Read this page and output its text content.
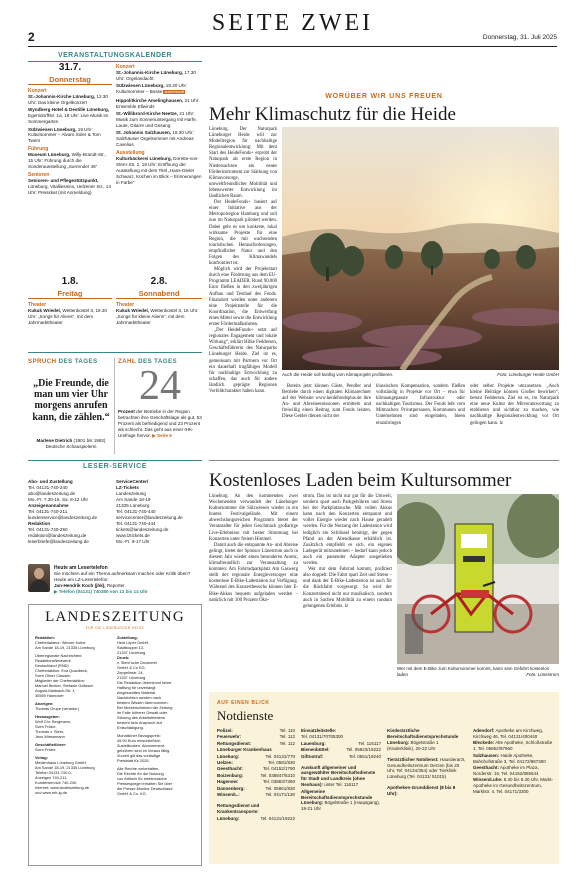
SEITE ZWEI
2	Donnerstag, 31. Juli 2025
VERANSTALTUNGSKALENDER
31.7.
Donnerstag
Konzert
St.-Johannis-Kirche Lüneburg, 12.30 Uhr: Das kleine Orgelkonzert
Wyndberg Hotel & Destille Lüneburg, Egersdorffstr. 1a, 18 Uhr: Live Musik im Sommergarten
Sülzwiesen Lüneburg, 19 Uhr: Kultursommer – Alvaro Soler & Tom Twers
Führung
Museum Lüneburg, Willy-Brandt-Str., 15 Uhr: Führung durch die Sonderausstellung „Surrender 45“
Senioren
Senioren- und Pflegestützpunkt, Lüneburg, Vitalliessino, Uelzener Str., 14 Uhr: Preisskat (mit Anmeldung)
Konzert
St.-Johannis-Kirche Lüneburg, 17.30 Uhr: Orgelandacht
Sülzwiesen Lüneburg, 19.30 Uhr: Kultursommer – Bosse ausverkauft
Hippolitkirche Amelinghausen, 21 Uhr: Ensemble Ellwinds
St.-Willibrord-Kirche Neetze, 21 Uhr: Musik zum Sonnenuntergang mit Harfe, Laute, Gitarre und Gesang
St. Johannis Salzhausen, 18.30 Uhr: Salzhäuser Orgelsommer mit Andreas Cavelius
Ausstellung
Kulturbäckerei Lüneburg, Dorette-von-Stern-Str. 2, 18 Uhr: Eröffnung der Ausstellung mit dem Titel „Hans-Dieter Schwarz, Küchen im Blick – Erinnerungen in Farbe“
1.8.
Freitag
Theater
Kukuk Wriedel, Wettenbostel 3, 19.30 Uhr: „Songs für Aliens“, mit dem Jahrmarkttheater
2.8.
Sonnabend
Theater
Kukuk Wriedel, Wettenbostel 3, 15 Uhr: „Songs für kleine Aliens“, mit dem Jahrmarkttheater
SPRUCH DES TAGES
„Die Freunde, die man um vier Uhr morgens anrufen kann, die zählen.“
Marlene Dietrich (1901 bis 1992) Deutsche Schauspielerin
ZAHL DES TAGES
24
Prozent der Betriebe in der Region betrachten ihre Geschäftslage als gut, 53 Prozent als befriedigend und 23 Prozent als schlecht. Das geht aus einer IHK-Umfrage hervor. ▶ Seite 6
LESER-SERVICE
Abo- und Zustellung
Tel. 04131-740-240
abo@landeszeitung.de
Mo.-Fr. 7.30-15, Sa. 8-12 Uhr
Anzeigenannahme
Tel. 04131-740-211
kundenservice@landeszeitung.de
Redaktion
Tel. 04131-740-250
redaktion@landeszeitung.de
leserbriefe@landeszeitung.de
ServiceCenter/
LZ-Tickets
Landeszeitung
Am Sande 18-19
21335 Lüneburg
Tel. 04131-740-440
servicecenter@landeszeitung.de
Tel. 04131-740-444
tickets@landeszeitung.de
www.lztickets.de
Mo.-Fr. 9-17 Uhr
Heute am Lesertelefon
Sie möchten auf ein Thema aufmerksam machen oder Kritik üben? Heute am LZ-Lesertelefon:
Jan-Hendrik Koch (jhk), Reporter.
▶ Telefon (04131) 740380 von 13 bis 14 Uhr
LANDESZEITUNG
FÜR DIE LÜNEBURGER HEIDE
Redaktion:
Chefredakteur: Werner Kolbe
Am Sande 18-19, 21335 Lüneburg
Überregionale Nachrichten:
RedaktionsNetzwerk
Deutschland (RND)
Chefredaktion: Eva Quadbeck,
Sven Oliver Clausen
Mitglieder der Chefredaktion:
Manuel Becker, Stefanie Gollasch
August-Madsack-Str. 1,
30559 Hannover
Anzeigen:
Thomas Grupe (verantw.)
Herausgeber:
Wolf Chr. Bergmann,
Sven Fricke,
Thomas v. Stern,
Jens Wiesemann
Geschäftsführer:
Sven Fricke
Verlag:
Medienhaus Lüneburg GmbH,
Am Sande 18-19, 21335 Lüneburg
Telefon 04131-740-0,
Anzeigen 740-211,
Kundenservice 740-240,
Internet: www.landeszeitung.de
und www.mh-lg.de
Zustellung:
Heid Löper GmbH,
Stadtkoppel 13,
21337 Lüneburg
Druck:
v. Stern'sche Druckerei
GmbH & Co KG,
Zeppelinstr. 24,
21337 Lüneburg
Die Redaktion übernimmt keine
Haftung für unverlangt
eingesandtes Material.
Nachrichten werden nach
bestem Wissen übernommen.
Bei Nichterscheinen der Zeitung
im Falle höherer Gewalt oder
Störung des Arbeitsfriedens
besteht kein Anspruch auf
Entschädigung.
Monatlicher Bezugspreis:
49,90 Euro einschließlich
Zustellkosten. Abonnement-
gebühren sind im Voraus fällig.
Zurzeit gilt das vorläufige
Preisblatt für 2025.
Alle Rechte vorbehalten.
Die Rechte für die Nutzung
von Artikeln für elektronische
Pressespiegel erhalten Sie über
die Presse-Monitor Deutschland
GmbH & Co. KG.
WORÜBER WIR UNS FREUEN
Mehr Klimaschutz für die Heide

Lüneburg. Der Naturpark Lüneburger Heide will zur Modellregion für nachhaltige Regionalentwicklung: Mit dem Start des HeideFonds+ erprobt der Naturpark als erste Region in Niedersachsen ein neues Förderinstrument zur Stärkung von Klimavorsorge, umweltfreundlicher Mobilität und lebenswerter Entwicklung im ländlichen Raum.

Der HeideFonds+ basiert auf einer Initiative aus der Metropolregion Hamburg und soll nun im Naturpark pilotiert werden. Dabei geht es um konkrete, lokal wirksame Projekte für eine Region, die mit wachsenden touristischen Herausforderungen, empfindlicher Natur und den Folgen des Klimawandels konfrontiert ist.

Möglich wird der Projektstart durch eine Förderung aus dem EU-Programm LEADER. Rund 90.000 Euro fließen in den zweijährigen Aufbau und Testlauf des Fonds. Finanziert werden unter anderem eine Projektstelle für die Koordination, die Entwerfung eines Mittel sowie die Entwicklung erster Fördermaßnahmen.

„Der HeideFonds+ setzt auf regionales Engagement und lokale Wirkung“, erklärt Hilke Feddersen, Geschäftsführerin des Naturparks Lüneburger Heide. Ziel ist es, gemeinsam mit Partnern vor Ort ein dauerhaft tragfähiges Modell für nachhaltige Entwicklung zu schaffen, das auch für andere ländlich geprägte Regionen Vorbildcharakter haben kann.

Auch die Heide soll künftig vom Klimaprojekt profitieren.	Foto: Lüneburger Heide GmbH

Bereits jetzt können Gäste, Pendler und Betriebe durch einen digitalen Klimarechner auf der Website www.heidefondsplus.de ihre An- und Abreiseemissionen ermitteln und freiwillig einen Beitrag zum Fonds leisten. Diese Gelder dienen nicht der

klassischen Kompensation, sondern fließen vollständig in Projekte vor Ort – etwa für klimaangepasste Infrastruktur oder nachhaltigen Tourismus. Der Fonds lebt vom Mitmachen: Privatpersonen, Kommunen und Unternehmen sind eingeladen, Ideen einzubringen

oder selbst Projekte umzusetzen. „Auch kleine Beiträge können Großes bewirken“, betont Feddersen. Ziel ist es, im Naturpark eine neue Kultur der Mitverantwortung zu etablieren und sichtbar zu machen, wie nachhaltige Regionalentwicklung vor Ort gelingen kann. lz

Kostenloses Laden beim Kultursommer

Lüneburg. An den kommenden zwei Wochenenden verwandelt der Lüneburger Kultursommer die Sülzwiesen wieder in ein buntes Festivalgelände. Mit einem abwechslungsreichen Programm bietet der Veranstalter für jeden Geschmack großartige Live-Erlebnisse mit bester Stimmung bei Konzerten unter freiem Himmel.

Damit auch die entspannte An- und Abreise gelingt, bietet der Sponsor Lünestrom auch in diesem Jahr wieder einen besonderen Anreiz, klimafreundlich zur Veranstaltung zu kommen: Am Fahrradparkplatz Am Gaswerg stellt der regionale Energieversorger eine kostenlose E-Bike-Ladestation zur Verfügung. Während des Konzertbesuchs können hier E-Bike-Akkus bequem aufgeladen werden – natürlich mit 100 Prozent Öko-

strom. Das ist nicht nur gut für die Umwelt, sondern spart auch Parkgebühren und Stress bei der Parkplatzsuche. Mit vollen Akkus kann nach den Konzerten entspannt und voller Energie wieder nach Hause geradelt werden. Für die Nutzung der Ladestation wird lediglich ein Schlüssel benötigt, der gegen Pfand an der Abendkasse erhältlich ist. Zusätzlich empfiehlt es sich, ein eigenes Ladegerät mitzunehmen – bedarf kann jedoch auch ein passender Adapter ausgeliehen werden.

Wer mit dem Fahrrad kommt, profitiert also doppelt: Die Fahrt spart Zeit und Stress – und dank der E-Bike-Ladestation ist auch für die Rückfahrt vorgesorgt. So wird der Konzertabend nicht nur musikalisch, sondern auch in Sachen Mobilität zu einem rundum gelungenen Erlebnis. lz

Wer mit dem E-Bike zum Kultursommer kommt, kann sein Geführt kostenlos laden	Foto: Lünestrom
AUF EINEN BLICK
Notdienste
Polizei:	Tel. 110
Feuerwehr:	Tel. 112
Rettungsdienst:	Tel. 112
Lüneburger Krankenhaus
Lüneburg:	Tel. 04131/770
Uelzen:	Tel. 0581/830
Geesthacht:	Tel. 04152/1790
Boizenburg:	Tel. 038847/6310
Hagenow:	Tel. 03883/7360
Dannenberg:	Tel. 05861/830
Winsen/L.:	Tel. 04171/130
Rettungsdienst und
Krankentransporte:
Lüneburg:	Tel. 04131/19222
Einsatzleitstelle:
Tel. 04131/70705300
Lauenburg:	Tel. 116117
Bienenbüttel:	Tel. 05823/19222
Giftnotruf:	Tel. 0551/19240
Auskunft allgemeiner und ausgewählter Bereitschaftsdienste für Stadt und Landkreis (ohne Neuhaus): unter Tel. 116117
Allgemeine Bereitschaftsdienstsprechstunde Lüneburg: Bögelstraße 1 (Hauptgang), 19-21 Uhr
Kinderärztliche Bereitschaftsdienstsprechstunde Lüneburg: Bögelstraße 1 (Kinderklinik), 20-22 Uhr
Tierärztlicher Notdienst: Haustierarzt, Gesundheitszentrum Oerzen (bis 20 Uhr, Tel. 04134/354) oder Tierklinik Lüneburg (Tel. 04131/ 51015)
Apotheken-Grunddienst (8 bis 8 Uhr):
Adendorf: Apotheke am Kirchweg, Kirchweg 46, Tel. 04131/400440
Bleckede: Alte Apotheke, Schloßstraße 1, Tel. 05852/97960
Salzhausen: Haide Apotheke, Bahnhofstraße 3, Tel. 04172/987300
Geesthacht: Apotheke im Plaza, Norderstr. 16, Tel. 04152/886644
Winsen/Luhe: 8.30 bis 8.30 Uhr, Markt-Apotheke im Gesundheitszentrum, Marktstr. 4, Tel. 04171/3300
